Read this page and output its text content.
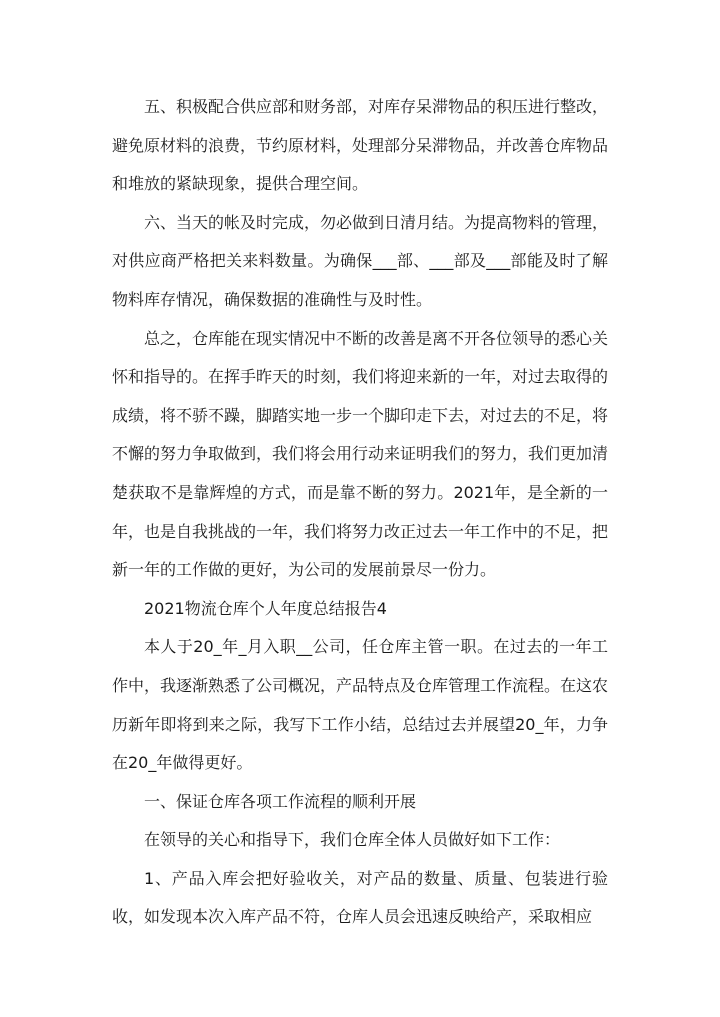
五、积极配合供应部和财务部，对库存呆滞物品的积压进行整改，避免原材料的浪费，节约原材料，处理部分呆滞物品，并改善仓库物品和堆放的紧缺现象，提供合理空间。

六、当天的帐及时完成，勿必做到日清月结。为提高物料的管理，对供应商严格把关来料数量。为确保___部、___部及___部能及时了解物料库存情况，确保数据的准确性与及时性。

总之，仓库能在现实情况中不断的改善是离不开各位领导的悉心关怀和指导的。在挥手昨天的时刻，我们将迎来新的一年，对过去取得的成绩，将不骄不躁，脚踏实地一步一个脚印走下去，对过去的不足，将不懈的努力争取做到，我们将会用行动来证明我们的努力，我们更加清楚获取不是靠辉煌的方式，而是靠不断的努力。2021年，是全新的一年，也是自我挑战的一年，我们将努力改正过去一年工作中的不足，把新一年的工作做的更好，为公司的发展前景尽一份力。

2021物流仓库个人年度总结报告4

本人于20_年_月入职__公司，任仓库主管一职。在过去的一年工作中，我逐渐熟悉了公司概况，产品特点及仓库管理工作流程。在这农历新年即将到来之际，我写下工作小结，总结过去并展望20_年，力争在20_年做得更好。

一、保证仓库各项工作流程的顺利开展

在领导的关心和指导下，我们仓库全体人员做好如下工作：

1、产品入库会把好验收关，对产品的数量、质量、包装进行验收，如发现本次入库产品不符，仓库人员会迅速反映给产，采取相应
